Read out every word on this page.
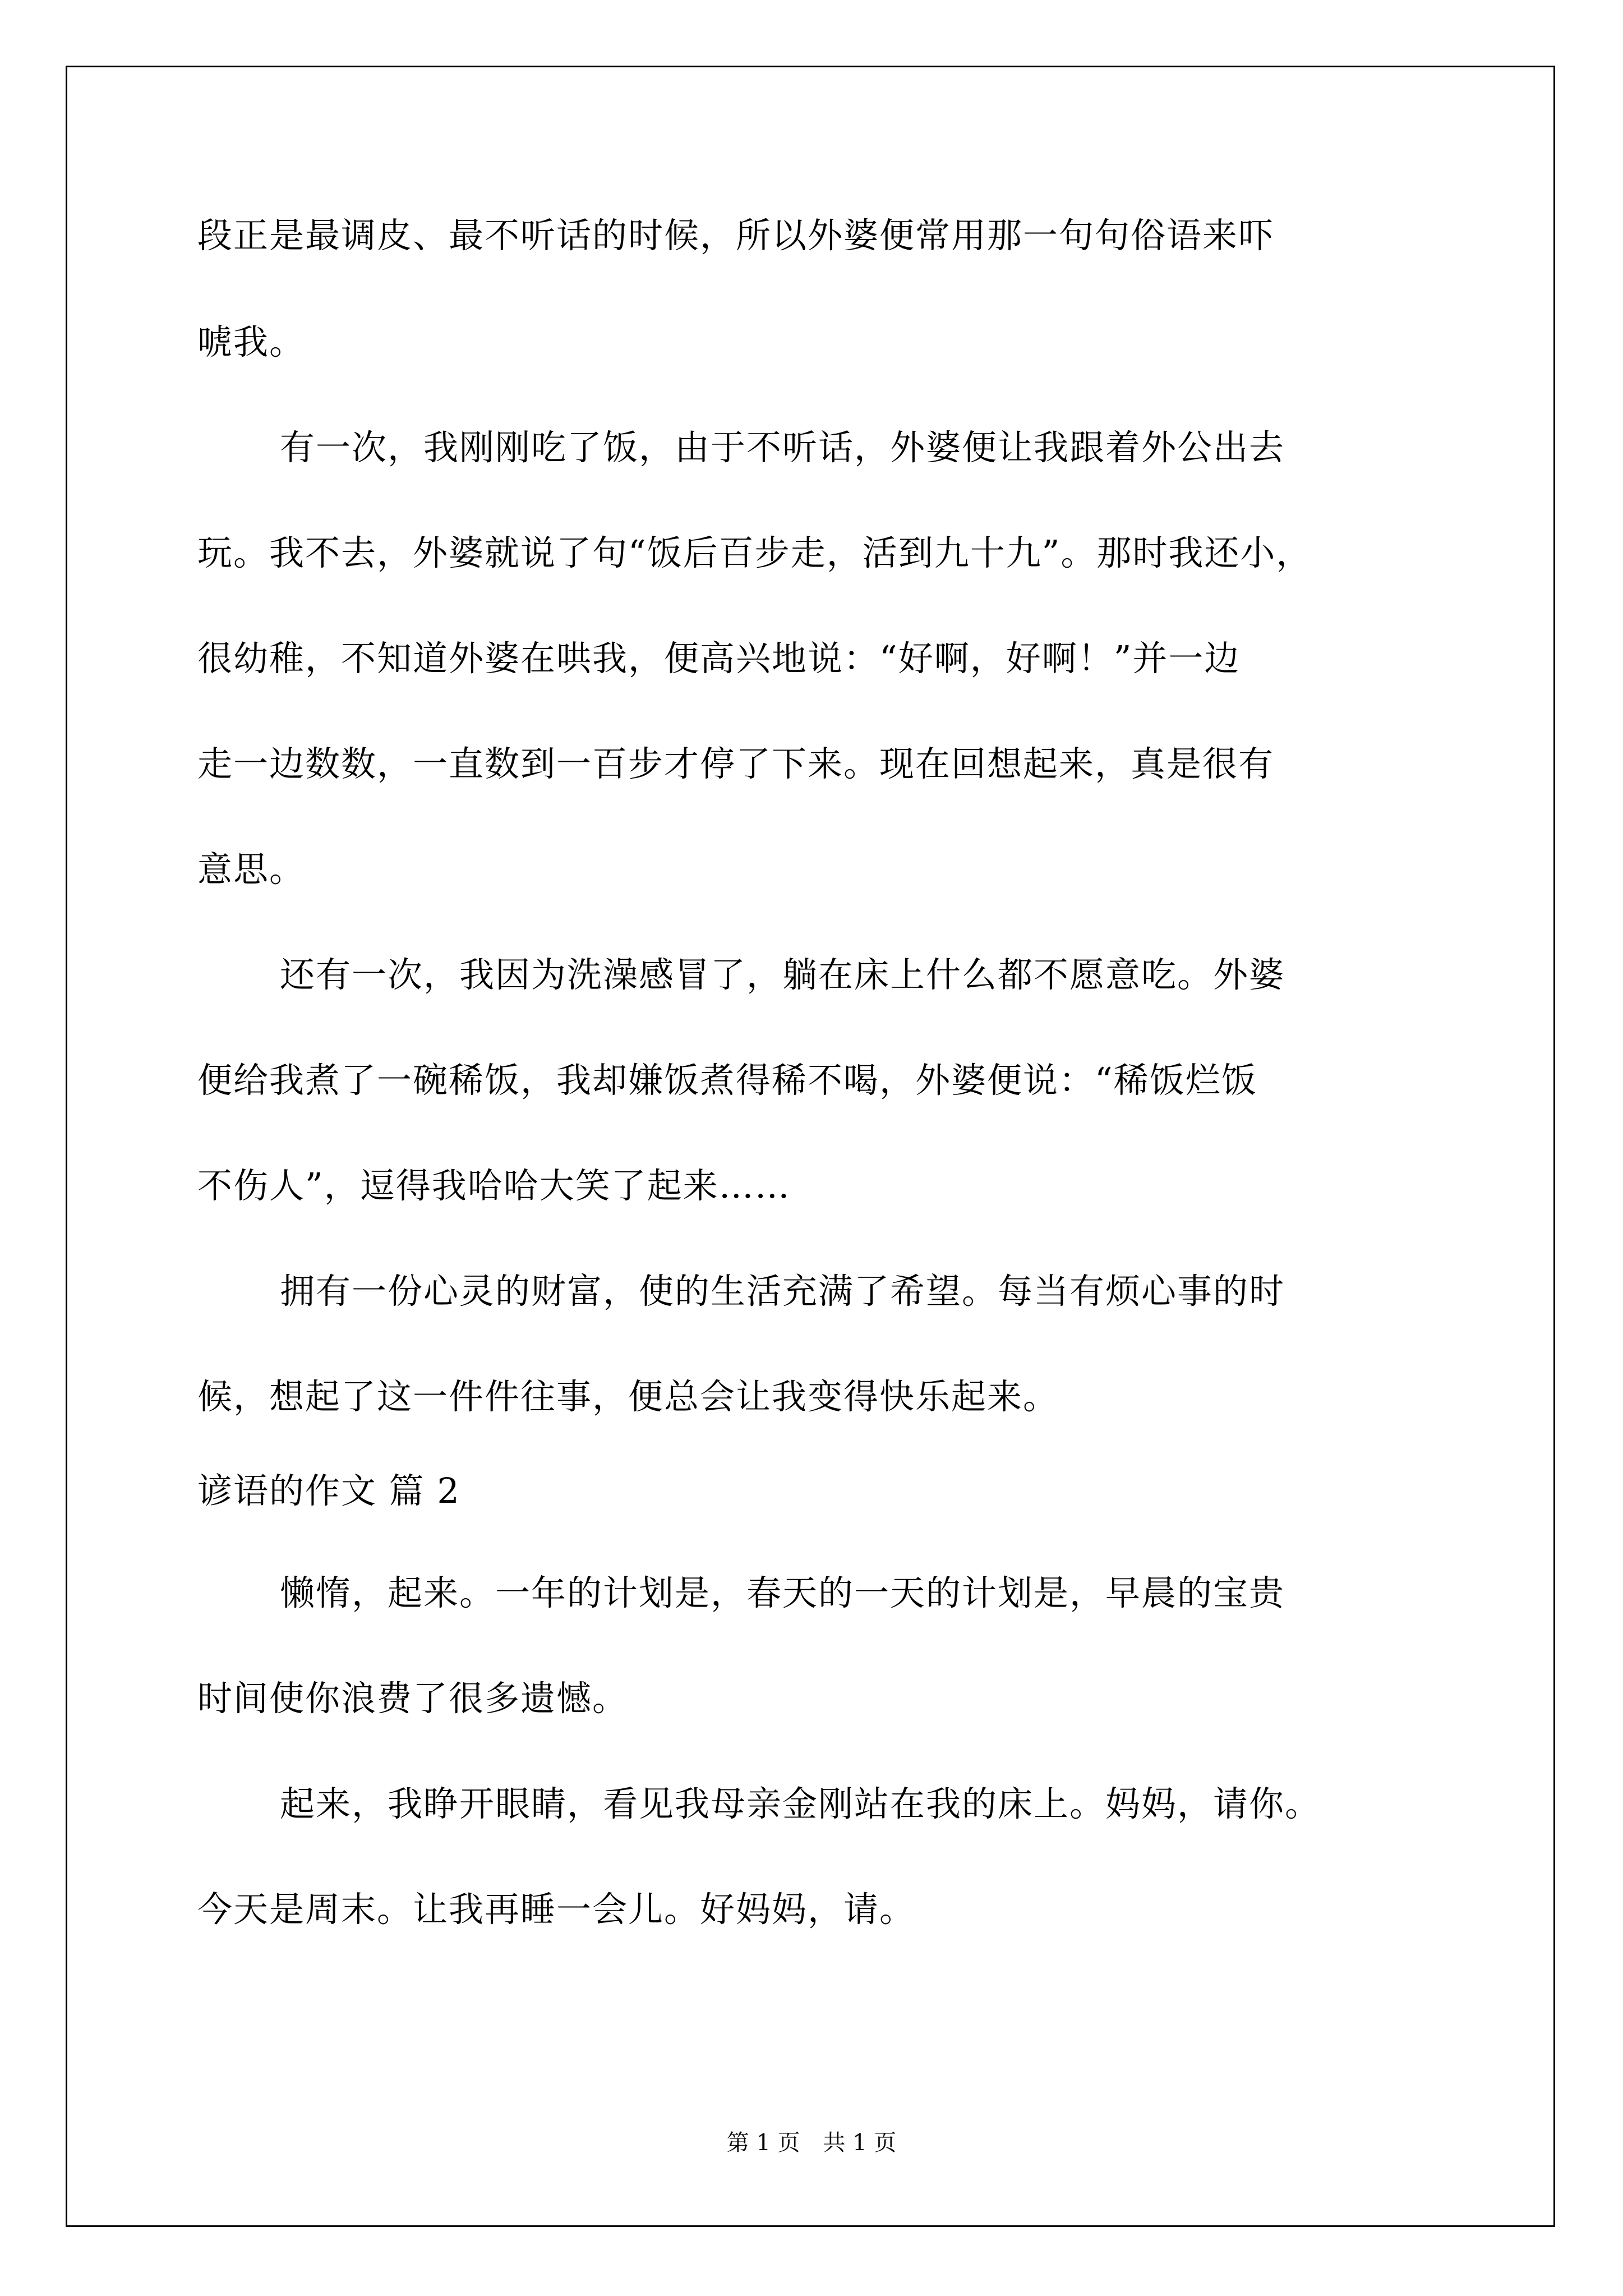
段正是最调皮、最不听话的时候，所以外婆便常用那一句句俗语来吓
唬我。
有一次，我刚刚吃了饭，由于不听话，外婆便让我跟着外公出去
玩。我不去，外婆就说了句“饭后百步走，活到九十九”。那时我还小，
很幼稚，不知道外婆在哄我，便高兴地说：“好啊，好啊！”并一边
走一边数数，一直数到一百步才停了下来。现在回想起来，真是很有
意思。
还有一次，我因为洗澡感冒了，躺在床上什么都不愿意吃。外婆
便给我煮了一碗稀饭，我却嫌饭煮得稀不喝，外婆便说：“稀饭烂饭
不伤人”，逗得我哈哈大笑了起来……
拥有一份心灵的财富，使的生活充满了希望。每当有烦心事的时
候，想起了这一件件往事，便总会让我变得快乐起来。
谚语的作文 篇 2
懒惰，起来。一年的计划是，春天的一天的计划是，早晨的宝贵
时间使你浪费了很多遗憾。
起来，我睁开眼睛，看见我母亲金刚站在我的床上。妈妈，请你。
今天是周末。让我再睡一会儿。好妈妈，请。
第 1 页 共 1 页
